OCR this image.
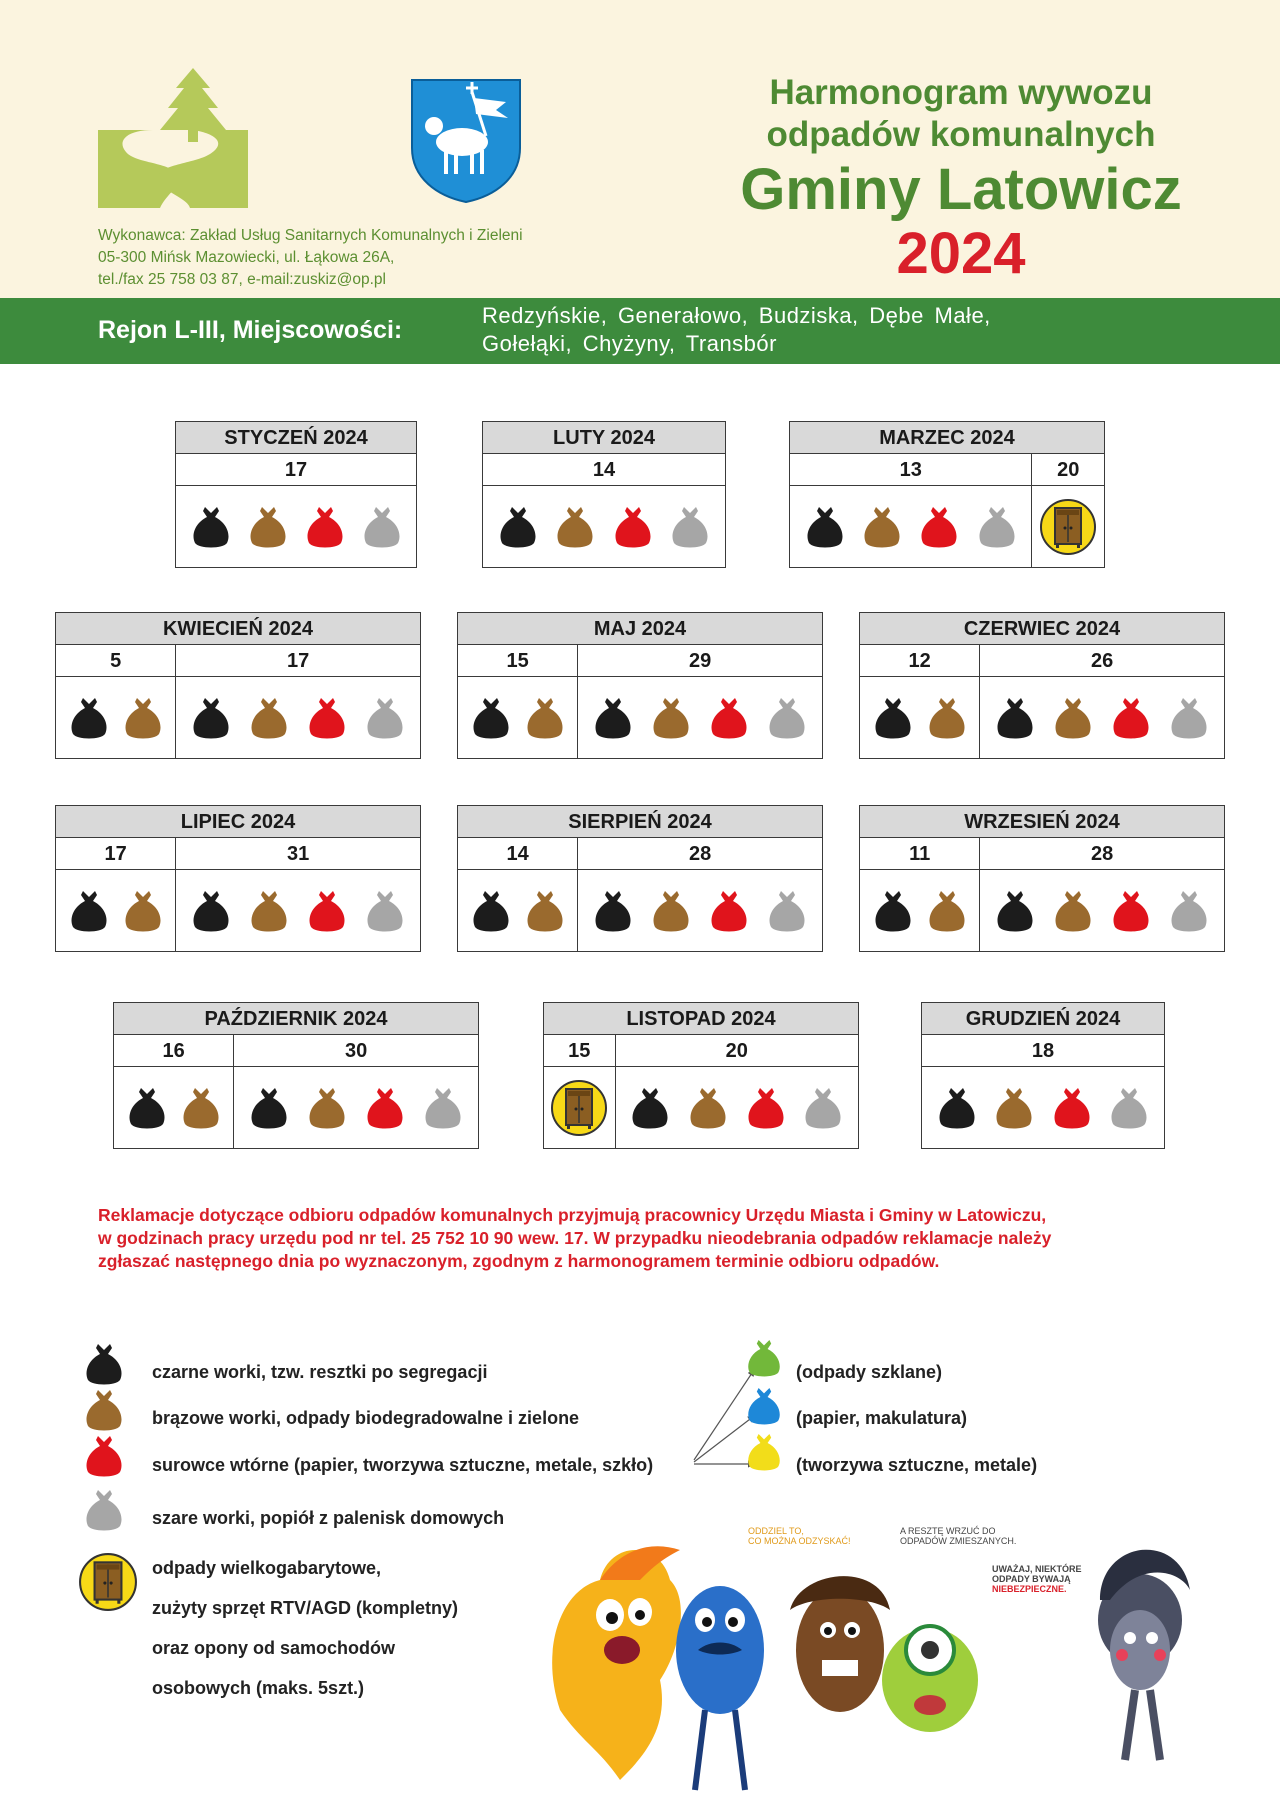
Wykonawca: Zakład Usług Sanitarnych Komunalnych i Zieleni
05-300 Mińsk Mazowiecki, ul. Łąkowa 26A,
tel./fax 25 758 03 87, e-mail:zuskiz@op.pl
Harmonogram wywozu
odpadów komunalnych
Gminy Latowicz
2024
Rejon L-III, Miejscowości:
Redzyńskie, Generałowo, Budziska, Dębe Małe,
Gołełąki, Chyżyny, Transbór
STYCZEŃ 2024
17
LUTY 2024
14
MARZEC 2024
13	20
KWIECIEŃ 2024
5	17
MAJ 2024
15	29
CZERWIEC 2024
12	26
LIPIEC 2024
17	31
SIERPIEŃ 2024
14	28
WRZESIEŃ 2024
11	28
PAŹDZIERNIK 2024
16	30
LISTOPAD 2024
15	20
GRUDZIEŃ 2024
18
Reklamacje dotyczące odbioru odpadów komunalnych przyjmują pracownicy Urzędu Miasta i Gminy w Latowiczu, w godzinach pracy urzędu pod nr tel. 25 752 10 90 wew. 17. W przypadku nieodebrania odpadów reklamacje należy zgłaszać następnego dnia po wyznaczonym, zgodnym z harmonogramem terminie odbioru odpadów.
czarne worki, tzw. resztki po segregacji
brązowe worki, odpady biodegradowalne i zielone
surowce wtórne (papier, tworzywa sztuczne, metale, szkło)
szare worki, popiół z palenisk domowych
odpady wielkogabarytowe,
zużyty sprzęt RTV/AGD (kompletny)
oraz opony od samochodów
osobowych (maks. 5szt.)
(odpady szklane)
(papier, makulatura)
(tworzywa sztuczne, metale)
ODDZIEL TO,
CO MOŻNA ODZYSKAĆ!
A RESZTĘ WRZUĆ DO
ODPADÓW ZMIESZANYCH.
UWAŻAJ, NIEKTÓRE
ODPADY BYWAJĄ
NIEBEZPIECZNE.
